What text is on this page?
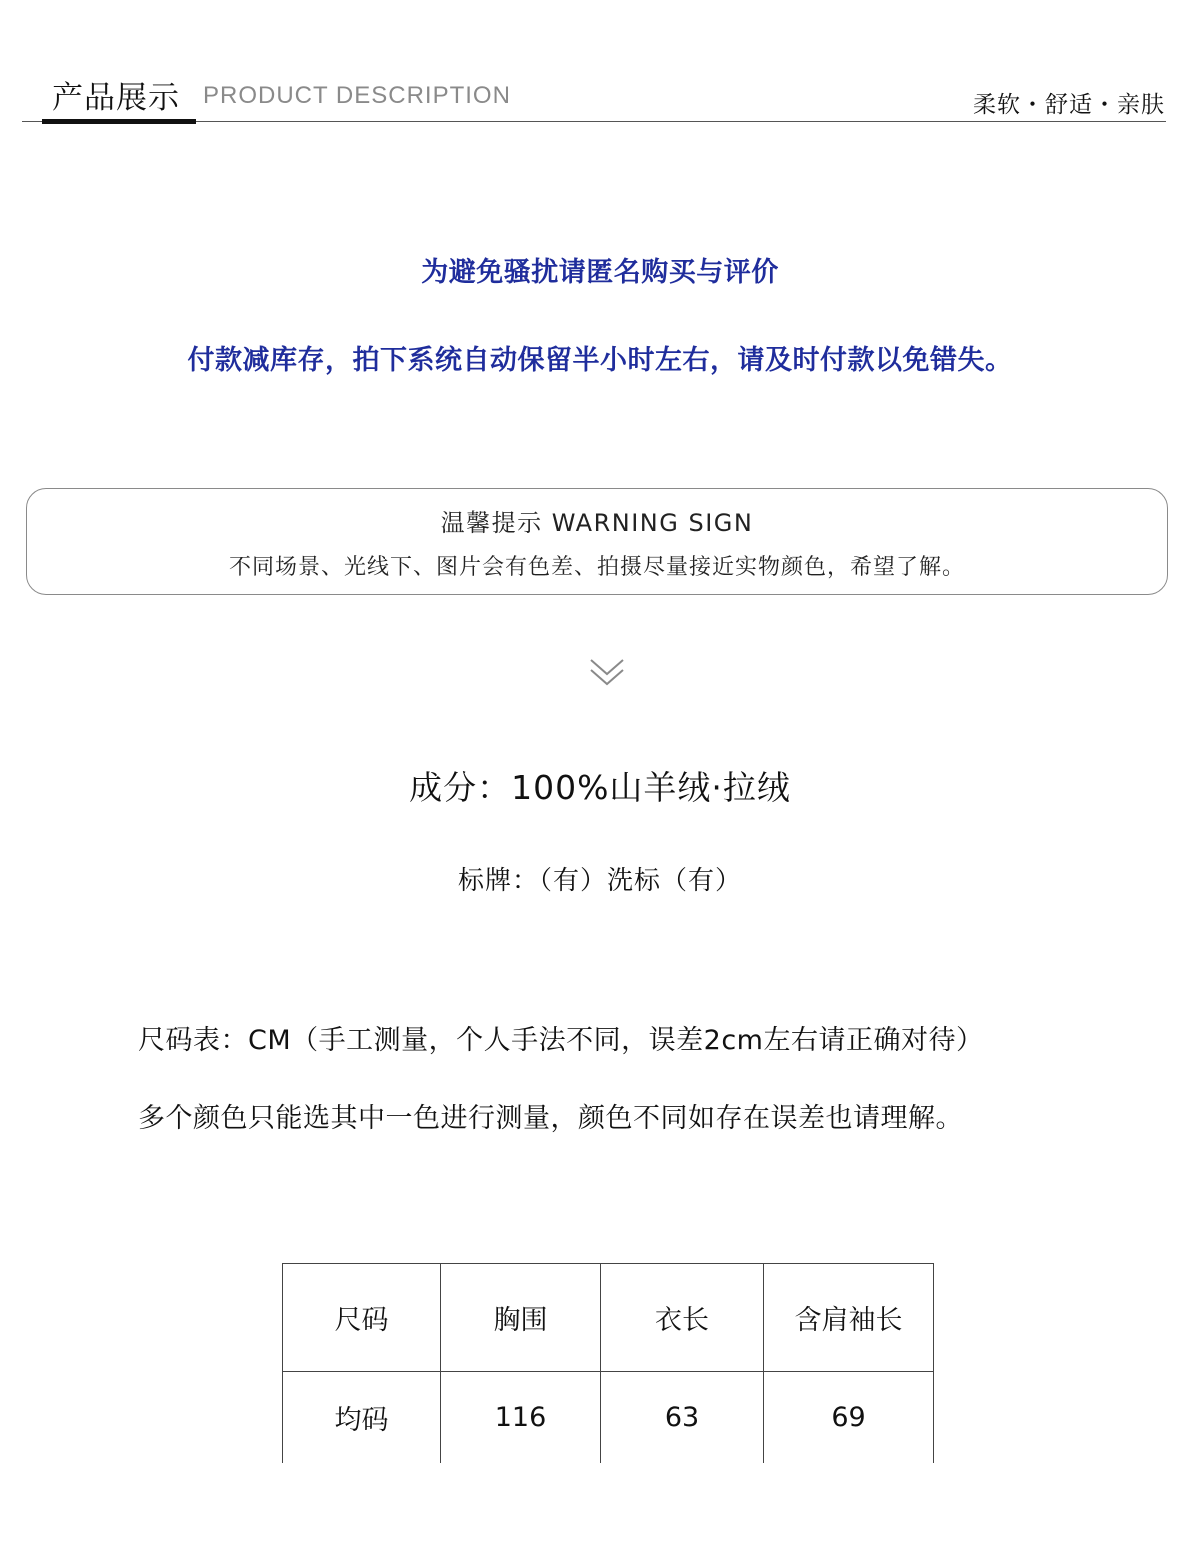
产品展示 PRODUCT DESCRIPTION	柔软・舒适・亲肤
为避免骚扰请匿名购买与评价
付款减库存，拍下系统自动保留半小时左右，请及时付款以免错失。
温馨提示 WARNING SIGN
不同场景、光线下、图片会有色差、拍摄尽量接近实物颜色，希望了解。
成分：100%山羊绒·拉绒
标牌：（有）洗标（有）
尺码表：CM（手工测量，个人手法不同，误差2cm左右请正确对待）
多个颜色只能选其中一色进行测量，颜色不同如存在误差也请理解。
尺码	胸围	衣长	含肩袖长
均码	116	63	69
